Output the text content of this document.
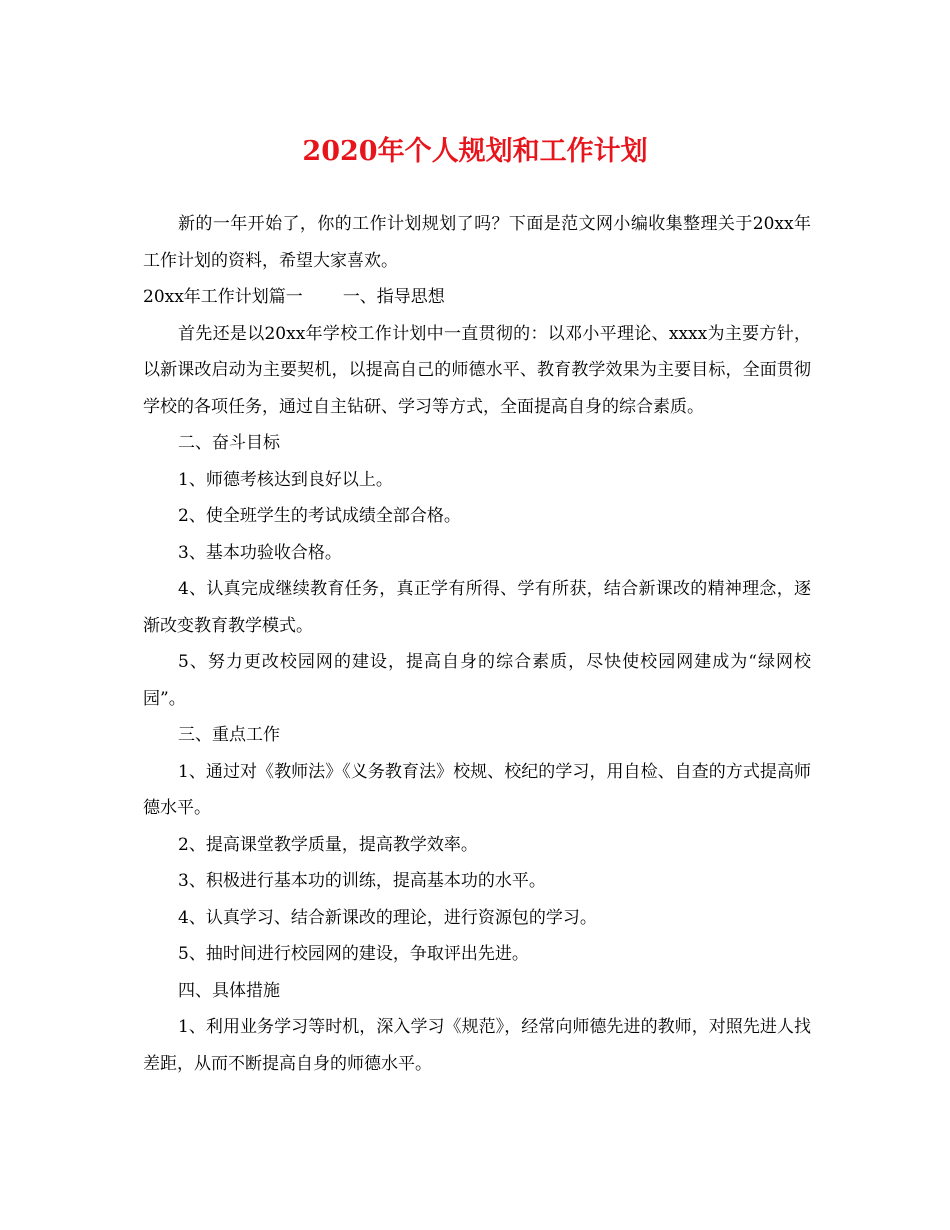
2020年个人规划和工作计划

新的一年开始了，你的工作计划规划了吗？下面是范文网小编收集整理关于20xx年工作计划的资料，希望大家喜欢。

20xx年工作计划篇一 一、指导思想

首先还是以20xx年学校工作计划中一直贯彻的：以邓小平理论、xxxx为主要方针，以新课改启动为主要契机，以提高自己的师德水平、教育教学效果为主要目标，全面贯彻学校的各项任务，通过自主钻研、学习等方式，全面提高自身的综合素质。

二、奋斗目标

1、师德考核达到良好以上。

2、使全班学生的考试成绩全部合格。

3、基本功验收合格。

4、认真完成继续教育任务，真正学有所得、学有所获，结合新课改的精神理念，逐渐改变教育教学模式。

5、努力更改校园网的建设，提高自身的综合素质，尽快使校园网建成为“绿网校园”。

三、重点工作

1、通过对《教师法》《义务教育法》校规、校纪的学习，用自检、自查的方式提高师德水平。

2、提高课堂教学质量，提高教学效率。

3、积极进行基本功的训练，提高基本功的水平。

4、认真学习、结合新课改的理论，进行资源包的学习。

5、抽时间进行校园网的建设，争取评出先进。

四、具体措施

1、利用业务学习等时机，深入学习《规范》，经常向师德先进的教师，对照先进人找差距，从而不断提高自身的师德水平。
